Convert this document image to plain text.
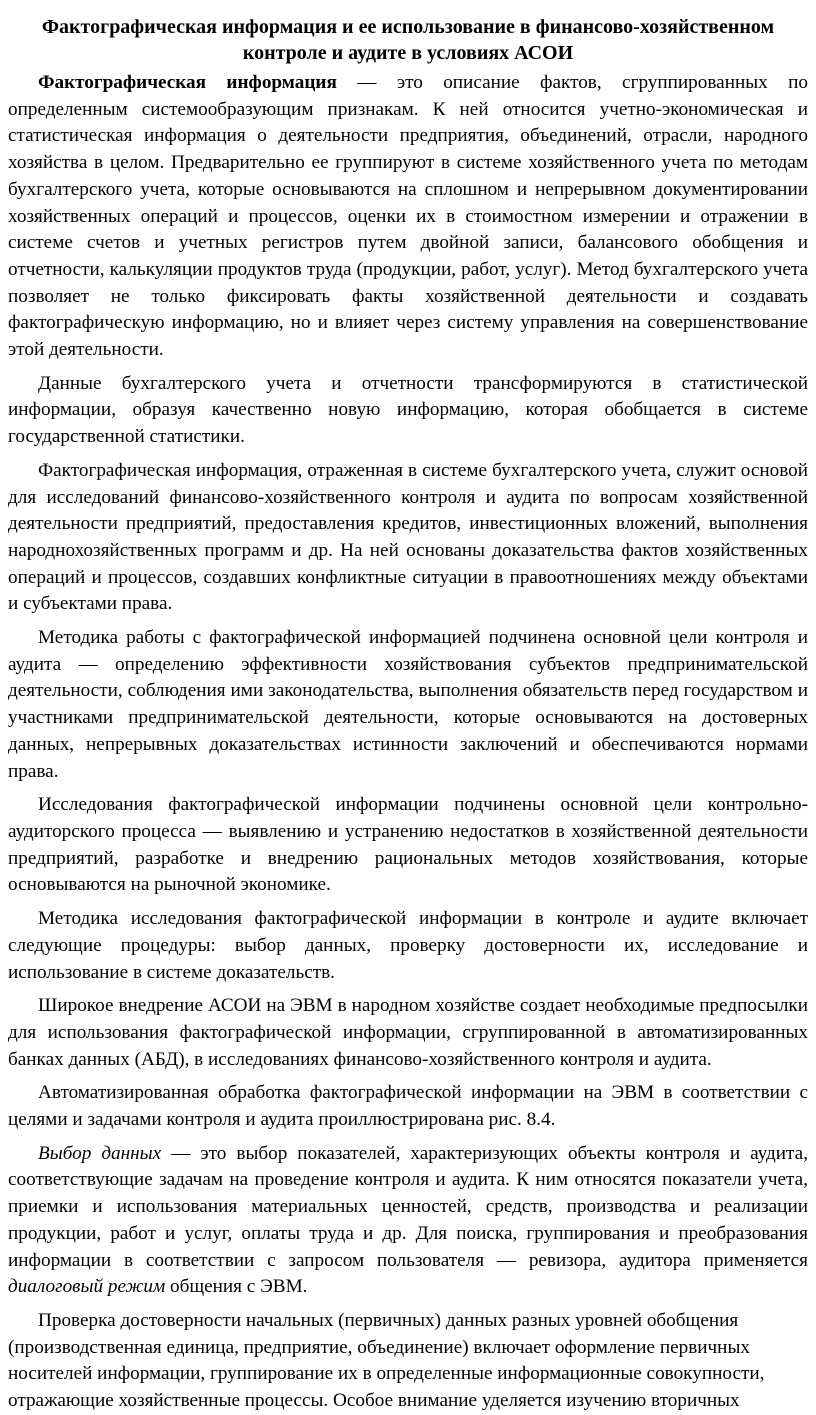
Фактографическая информация и ее использование в финансово-хозяйственном
контроле и аудите в условиях АСОИ

Фактографическая информация — это описание фактов, сгруппированных по определенным системообразующим признакам. К ней относится учетно-экономическая и статистическая информация о деятельности предприятия, объединений, отрасли, народного хозяйства в целом. Предварительно ее группируют в системе хозяйственного учета по методам бухгалтерского учета, которые основываются на сплошном и непрерывном документировании хозяйственных операций и процессов, оценки их в стоимостном измерении и отражении в системе счетов и учетных регистров путем двойной записи, балансового обобщения и отчетности, калькуляции продуктов труда (продукции, работ, услуг). Метод бухгалтерского учета позволяет не только фиксировать факты хозяйственной деятельности и создавать фактографическую информацию, но и влияет через систему управления на совершенствование этой деятельности.

Данные бухгалтерского учета и отчетности трансформируются в статистической информации, образуя качественно новую информацию, которая обобщается в системе государственной статистики.

Фактографическая информация, отраженная в системе бухгалтерского учета, служит основой для исследований финансово-хозяйственного контроля и аудита по вопросам хозяйственной деятельности предприятий, предоставления кредитов, инвестиционных вложений, выполнения народнохозяйственных программ и др. На ней основаны доказательства фактов хозяйственных операций и процессов, создавших конфликтные ситуации в правоотношениях между объектами и субъектами права.

Методика работы с фактографической информацией подчинена основной цели контроля и аудита — определению эффективности хозяйствования субъектов предпринимательской деятельности, соблюдения ими законодательства, выполнения обязательств перед государством и участниками предпринимательской деятельности, которые основываются на достоверных данных, непрерывных доказательствах истинности заключений и обеспечиваются нормами права.

Исследования фактографической информации подчинены основной цели контрольно-аудиторского процесса — выявлению и устранению недостатков в хозяйственной деятельности предприятий, разработке и внедрению рациональных методов хозяйствования, которые основываются на рыночной экономике.

Методика исследования фактографической информации в контроле и аудите включает следующие процедуры: выбор данных, проверку достоверности их, исследование и использование в системе доказательств.

Широкое внедрение АСОИ на ЭВМ в народном хозяйстве создает необходимые предпосылки для использования фактографической информации, сгруппированной в автоматизированных банках данных (АБД), в исследованиях финансово-хозяйственного контроля и аудита.

Автоматизированная обработка фактографической информации на ЭВМ в соответствии с целями и задачами контроля и аудита проиллюстрирована рис. 8.4.

Выбор данных — это выбор показателей, характеризующих объекты контроля и аудита, соответствующие задачам на проведение контроля и аудита. К ним относятся показатели учета, приемки и использования материальных ценностей, средств, производства и реализации продукции, работ и услуг, оплаты труда и др. Для поиска, группирования и преобразования информации в соответствии с запросом пользователя — ревизора, аудитора применяется диалоговый режим общения с ЭВМ.

Проверка достоверности начальных (первичных) данных разных уровней обобщения
(производственная единица, предприятие, объединение) включает оформление первичных
носителей информации, группирование их в определенные информационные совокупности,
отражающие хозяйственные процессы. Особое внимание уделяется изучению вторичных
